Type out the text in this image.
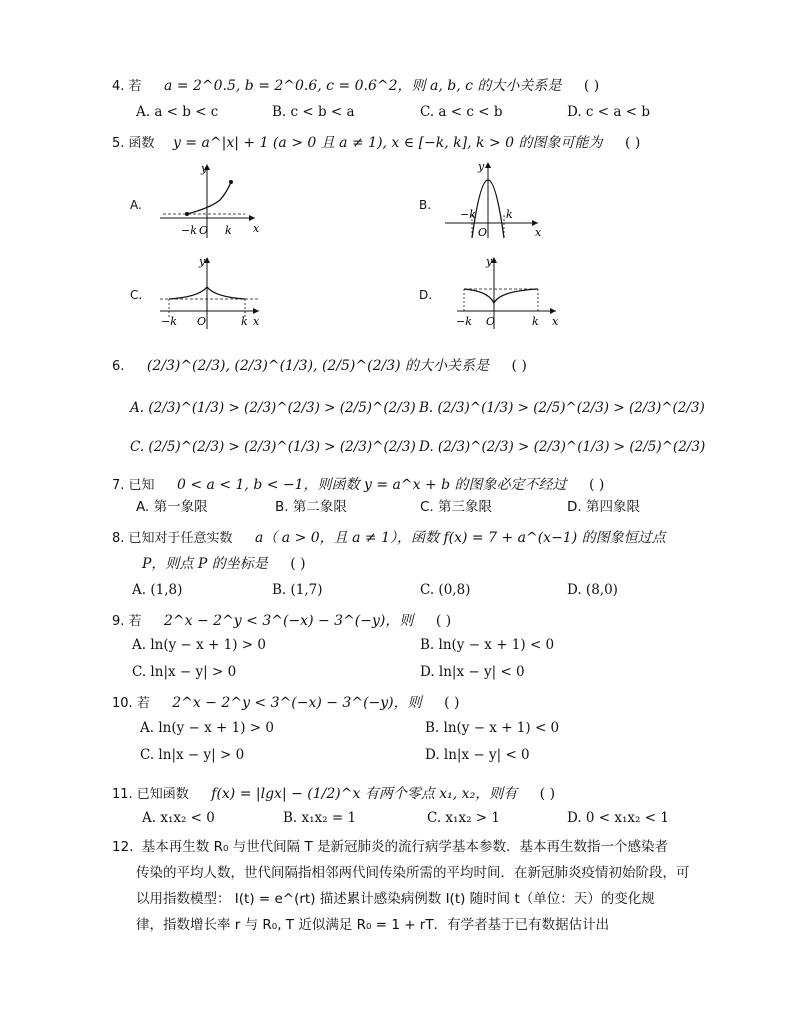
4. 若 a = 2^0.5, b = 2^0.6, c = 0.6^2，则 a, b, c 的大小关系是 ( )
A. a < b < c	B. c < b < a	C. a < c < b	D. c < a < b
5. 函数 y = a^|x| + 1 (a > 0 且 a ≠ 1), x ∈ [−k, k], k > 0 的图象可能为 ( )
A.
y
x
−k O k
B.
y
x
−k
O
k
C.
y
x
−k O	k
D.
y
x
−k O	k
6. (2/3)^(2/3), (2/3)^(1/3), (2/5)^(2/3) 的大小关系是 ( )
A. (2/3)^(1/3) > (2/3)^(2/3) > (2/5)^(2/3) B. (2/3)^(1/3) > (2/5)^(2/3) > (2/3)^(2/3)
C. (2/5)^(2/3) > (2/3)^(1/3) > (2/3)^(2/3) D. (2/3)^(2/3) > (2/3)^(1/3) > (2/5)^(2/3)
7. 已知 0 < a < 1, b < −1，则函数 y = a^x + b 的图象必定不经过 ( )
A. 第一象限	B. 第二象限	C. 第三象限	D. 第四象限
8. 已知对于任意实数 a（ a > 0，且 a ≠ 1），函数 f(x) = 7 + a^(x−1) 的图象恒过点
P，则点 P 的坐标是 ( )
A. (1,8)	B. (1,7)	C. (0,8)	D. (8,0)
9. 若 2^x − 2^y < 3^(−x) − 3^(−y)，则 ( )
A. ln(y − x + 1) > 0	B. ln(y − x + 1) < 0
C. ln|x − y| > 0	D. ln|x − y| < 0
10. 若 2^x − 2^y < 3^(−x) − 3^(−y)，则 ( )
A. ln(y − x + 1) > 0	B. ln(y − x + 1) < 0
C. ln|x − y| > 0	D. ln|x − y| < 0
11. 已知函数 f(x) = |lgx| − (1/2)^x 有两个零点 x₁, x₂，则有 ( )
A. x₁x₂ < 0	B. x₁x₂ = 1	C. x₁x₂ > 1	D. 0 < x₁x₂ < 1
12. 基本再生数 R₀ 与世代间隔 T 是新冠肺炎的流行病学基本参数．基本再生数指一个感染者
传染的平均人数，世代间隔指相邻两代间传染所需的平均时间．在新冠肺炎疫情初始阶段，可
以用指数模型： I(t) = e^(rt) 描述累计感染病例数 I(t) 随时间 t（单位：天）的变化规
律，指数增长率 r 与 R₀, T 近似满足 R₀ = 1 + rT．有学者基于已有数据估计出
